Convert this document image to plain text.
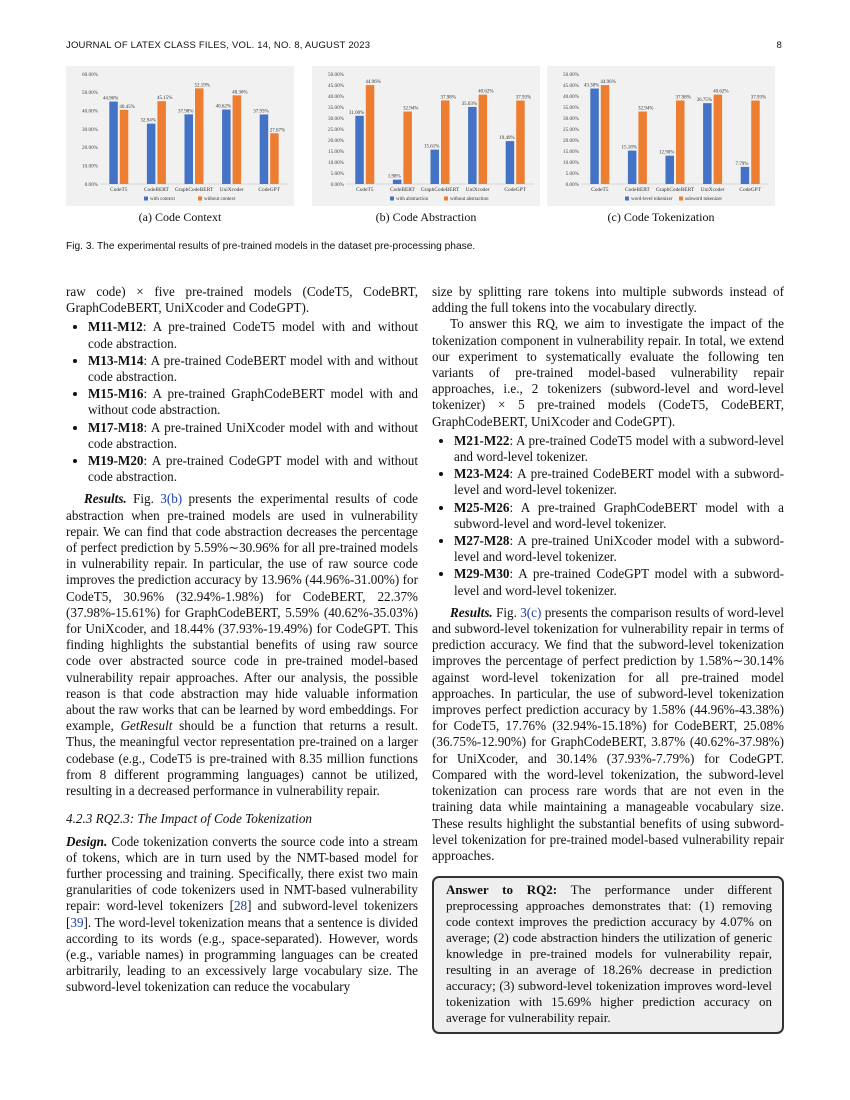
JOURNAL OF LATEX CLASS FILES, VOL. 14, NO. 8, AUGUST 2023	8
0.00%
10.00%
20.00%
30.00%
40.00%
50.00%
60.00%
44.96%
40.45%
CodeT5
32.94%
45.15%
CodeBERT
37.98%
52.19%
GraphCodeBERT
40.62%
48.36%
UniXcoder
37.93%
27.67%
CodeGPT
with context	without context
0.00%
5.00%
10.00%
15.00%
20.00%
25.00%
30.00%
35.00%
40.00%
45.00%
50.00%
31.00%
44.96%
CodeT5
1.98%
32.94%
CodeBERT
15.61%
37.98%
GraphCodeBERT
35.03%
40.62%
UniXcoder
19.49%
37.93%
CodeGPT
with abstraction	without abstraction
0.00%
5.00%
10.00%
15.00%
20.00%
25.00%
30.00%
35.00%
40.00%
45.00%
50.00%
43.38%
44.96%
CodeT5
15.18%
32.94%
CodeBERT
12.90%
37.98%
GraphCodeBERT
36.75%
40.62%
UniXcoder
7.79%
37.93%
CodeGPT
word-level tokenizer subword tokenizer
(a) Code Context	(b) Code Abstraction	(c) Code Tokenization
Fig. 3. The experimental results of pre-trained models in the dataset pre-processing phase.

raw code) × five pre-trained models (CodeT5, CodeBRT, GraphCodeBERT, UniXcoder and CodeGPT).

• M11-M12: A pre-trained CodeT5 model with and without code abstraction.
• M13-M14: A pre-trained CodeBERT model with and without code abstraction.
• M15-M16: A pre-trained GraphCodeBERT model with and without code abstraction.
• M17-M18: A pre-trained UniXcoder model with and without code abstraction.
• M19-M20: A pre-trained CodeGPT model with and without code abstraction.

Results. Fig. 3(b) presents the experimental results of code abstraction when pre-trained models are used in vulnerability repair. We can find that code abstraction decreases the percentage of perfect prediction by 5.59%∼30.96% for all pre-trained models in vulnerability repair. In particular, the use of raw source code improves the prediction accuracy by 13.96% (44.96%-31.00%) for CodeT5, 30.96% (32.94%-1.98%) for CodeBERT, 22.37% (37.98%-15.61%) for GraphCodeBERT, 5.59% (40.62%-35.03%) for UniXcoder, and 18.44% (37.93%-19.49%) for CodeGPT. This finding highlights the substantial benefits of using raw source code over abstracted source code in pre-trained model-based vulnerability repair approaches. After our analysis, the possible reason is that code abstraction may hide valuable information about the raw works that can be learned by word embeddings. For example, GetResult should be a function that returns a result. Thus, the meaningful vector representation pre-trained on a larger codebase (e.g., CodeT5 is pre-trained with 8.35 million functions from 8 different programming languages) cannot be utilized, resulting in a decreased performance in vulnerability repair.

4.2.3 RQ2.3: The Impact of Code Tokenization

Design. Code tokenization converts the source code into a stream of tokens, which are in turn used by the NMT-based model for further processing and training. Specifically, there exist two main granularities of code tokenizers used in NMT-based vulnerability repair: word-level tokenizers [28] and subword-level tokenizers [39]. The word-level tokenization means that a sentence is divided according to its words (e.g., space-separated). However, words (e.g., variable names) in programming languages can be created arbitrarily, leading to an excessively large vocabulary size. The subword-level tokenization can reduce the vocabulary

size by splitting rare tokens into multiple subwords instead of adding the full tokens into the vocabulary directly.

To answer this RQ, we aim to investigate the impact of the tokenization component in vulnerability repair. In total, we extend our experiment to systematically evaluate the following ten variants of pre-trained model-based vulnerability repair approaches, i.e., 2 tokenizers (subword-level and word-level tokenizer) × 5 pre-trained models (CodeT5, CodeBERT, GraphCodeBERT, UniXcoder and CodeGPT).

• M21-M22: A pre-trained CodeT5 model with a subword-level and word-level tokenizer.
• M23-M24: A pre-trained CodeBERT model with a subword-level and word-level tokenizer.
• M25-M26: A pre-trained GraphCodeBERT model with a subword-level and word-level tokenizer.
• M27-M28: A pre-trained UniXcoder model with a subword-level and word-level tokenizer.
• M29-M30: A pre-trained CodeGPT model with a subword-level and word-level tokenizer.

Results. Fig. 3(c) presents the comparison results of word-level and subword-level tokenization for vulnerability repair in terms of prediction accuracy. We find that the subword-level tokenization improves the percentage of perfect prediction by 1.58%∼30.14% against word-level tokenization for all pre-trained model approaches. In particular, the use of subword-level tokenization improves perfect prediction accuracy by 1.58% (44.96%-43.38%) for CodeT5, 17.76% (32.94%-15.18%) for CodeBERT, 25.08% (36.75%-12.90%) for GraphCodeBERT, 3.87% (40.62%-37.98%) for UniXcoder, and 30.14% (37.93%-7.79%) for CodeGPT. Compared with the word-level tokenization, the subword-level tokenization can process rare words that are not even in the training data while maintaining a manageable vocabulary size. These results highlight the substantial benefits of using subword-level tokenization for pre-trained model-based vulnerability repair approaches.

Answer to RQ2: The performance under different preprocessing approaches demonstrates that: (1) removing code context improves the prediction accuracy by 4.07% on average; (2) code abstraction hinders the utilization of generic knowledge in pre-trained models for vulnerability repair, resulting in an average of 18.26% decrease in prediction accuracy; (3) subword-level tokenization improves word-level tokenization with 15.69% higher prediction accuracy on average for vulnerability repair.
